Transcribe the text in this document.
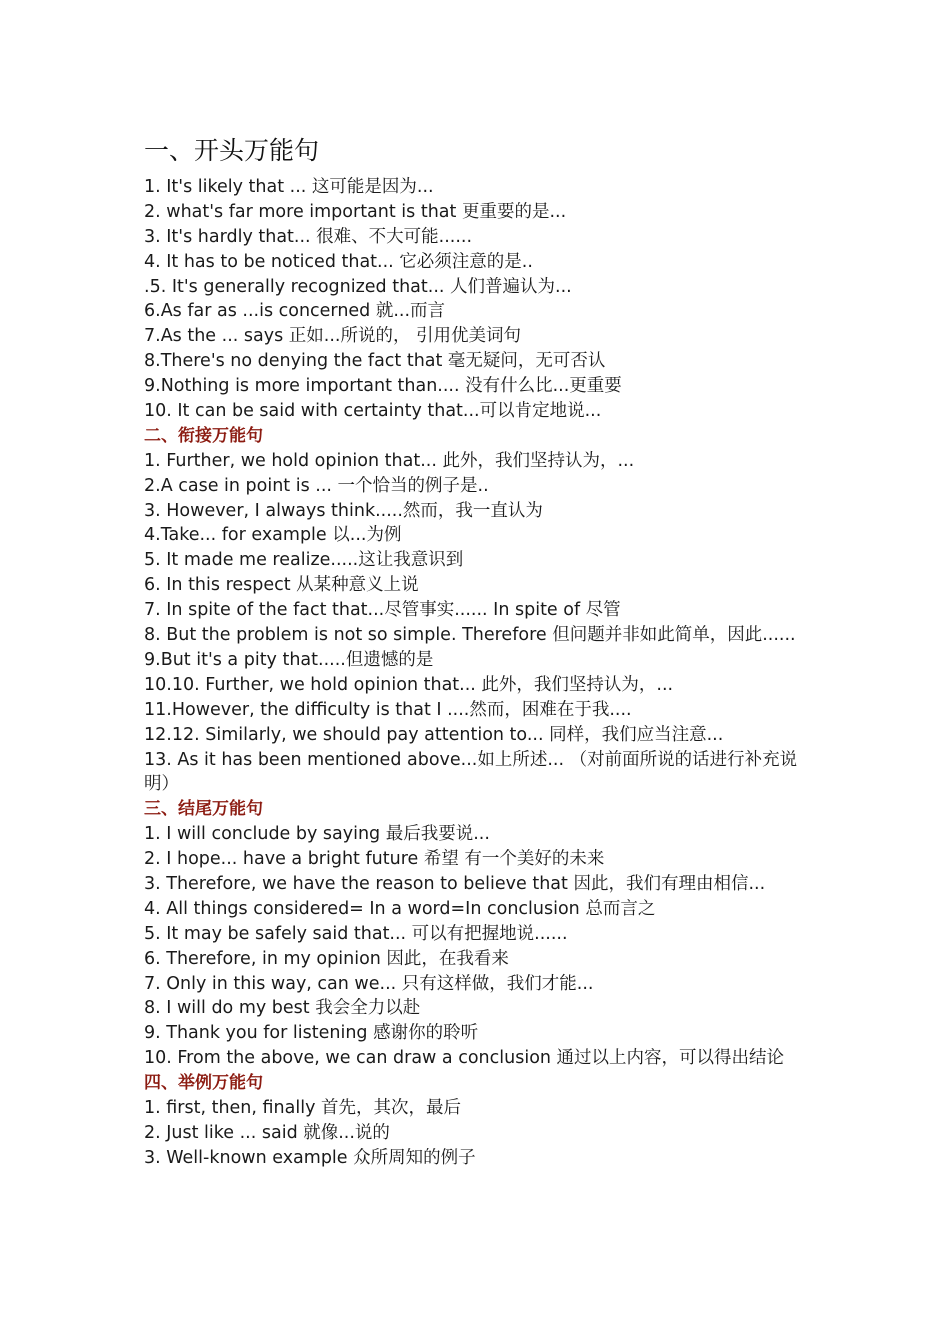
一、开头万能句

1. It's likely that ... 这可能是因为...

2. what's far more important is that 更重要的是...

3. It's hardly that... 很难、不大可能......

4. It has to be noticed that... 它必须注意的是..

.5. It's generally recognized that... 人们普遍认为...

6.As far as ...is concerned 就...而言

7.As the ... says 正如...所说的， 引用优美词句

8.There's no denying the fact that 毫无疑问，无可否认

9.Nothing is more important than.... 没有什么比...更重要

10. It can be said with certainty that...可以肯定地说...

二、衔接万能句

1. Further, we hold opinion that... 此外，我们坚持认为，...

2.A case in point is ... 一个恰当的例子是..

3. However, I always think.....然而，我一直认为

4.Take... for example 以...为例

5. It made me realize.....这让我意识到

6. In this respect 从某种意义上说

7. In spite of the fact that...尽管事实...... In spite of 尽管

8. But the problem is not so simple. Therefore 但问题并非如此简单，因此......

9.But it's a pity that.....但遗憾的是

10.10. Further, we hold opinion that... 此外，我们坚持认为，...

11.However, the difficulty is that I ....然而，困难在于我....

12.12. Similarly, we should pay attention to... 同样，我们应当注意...

13. As it has been mentioned above...如上所述... （对前面所说的话进行补充说明）

三、结尾万能句

1. I will conclude by saying 最后我要说...

2. I hope... have a bright future 希望 有一个美好的未来

3. Therefore, we have the reason to believe that 因此，我们有理由相信...

4. All things considered= In a word=In conclusion 总而言之

5. It may be safely said that... 可以有把握地说......

6. Therefore, in my opinion 因此，在我看来

7. Only in this way, can we... 只有这样做，我们才能...

8. I will do my best 我会全力以赴

9. Thank you for listening 感谢你的聆听

10. From the above, we can draw a conclusion 通过以上内容，可以得出结论

四、举例万能句

1. first, then, finally 首先，其次，最后

2. Just like ... said 就像...说的

3. Well-known example 众所周知的例子
